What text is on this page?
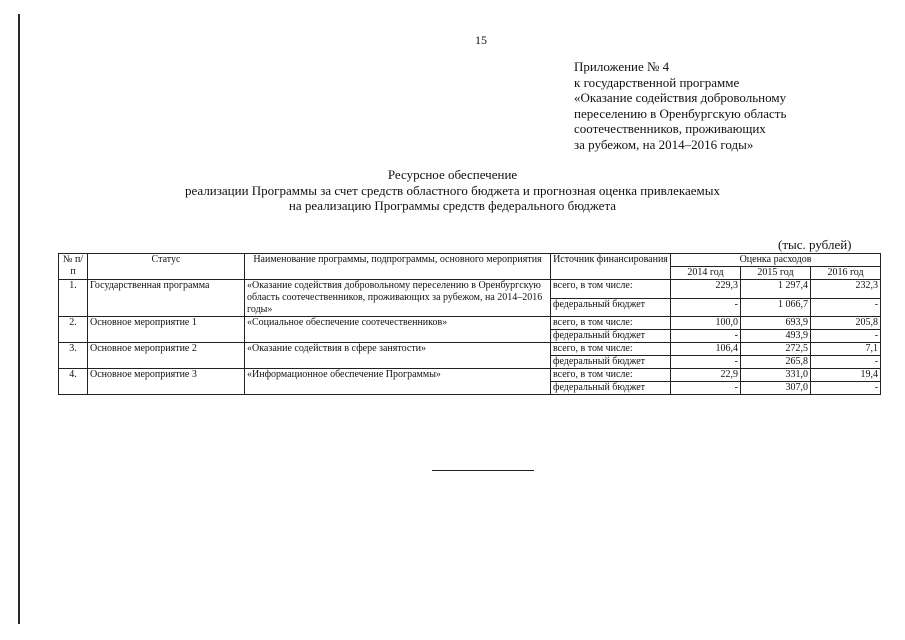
15
Приложение № 4
к государственной программе
«Оказание содействия добровольному
переселению в Оренбургскую область
соотечественников, проживающих
за рубежом, на 2014–2016 годы»
Ресурсное обеспечение
реализации Программы за счет средств областного бюджета и прогнозная оценка привлекаемых
на реализацию Программы средств федерального бюджета
(тыс. рублей)
№ п/п	Статус	Наименование программы, подпрограммы, основного мероприятия	Источник финансирования	Оценка расходов		
				2014 год	2015 год	2016 год
1.	Государственная программа	«Оказание содействия добровольному переселению в Оренбургскую область соотечественников, проживающих за рубежом, на 2014–2016 годы»	всего, в том числе:	229,3	1 297,4	232,3
			федеральный бюджет	-	1 066,7	-
2.	Основное мероприятие 1	«Социальное обеспечение соотечественников»	всего, в том числе:	100,0	693,9	205,8
			федеральный бюджет	-	493,9	-
3.	Основное мероприятие 2	«Оказание содействия в сфере занятости»	всего, в том числе:	106,4	272,5	7,1
			федеральный бюджет	-	265,8	-
4.	Основное мероприятие 3	«Информационное обеспечение Программы»	всего, в том числе:	22,9	331,0	19,4
			федеральный бюджет	-	307,0	-
